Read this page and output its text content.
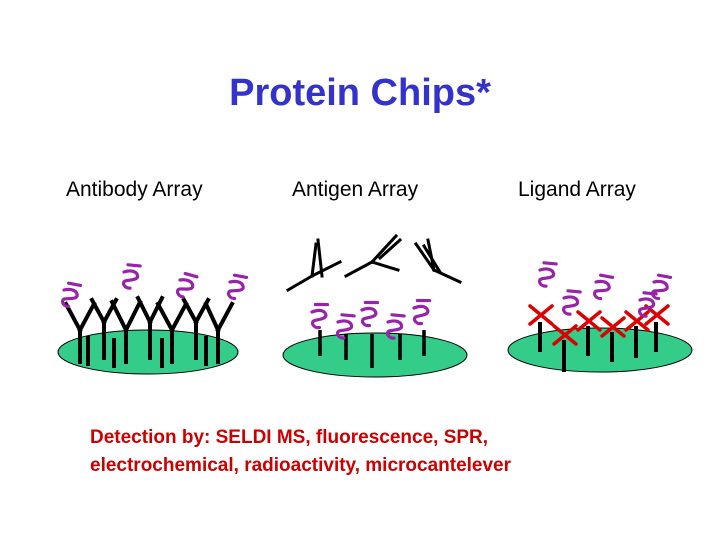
Protein Chips*
Antibody Array	Antigen Array	Ligand Array
Detection by: SELDI MS, fluorescence, SPR,
electrochemical, radioactivity, microcantelever
